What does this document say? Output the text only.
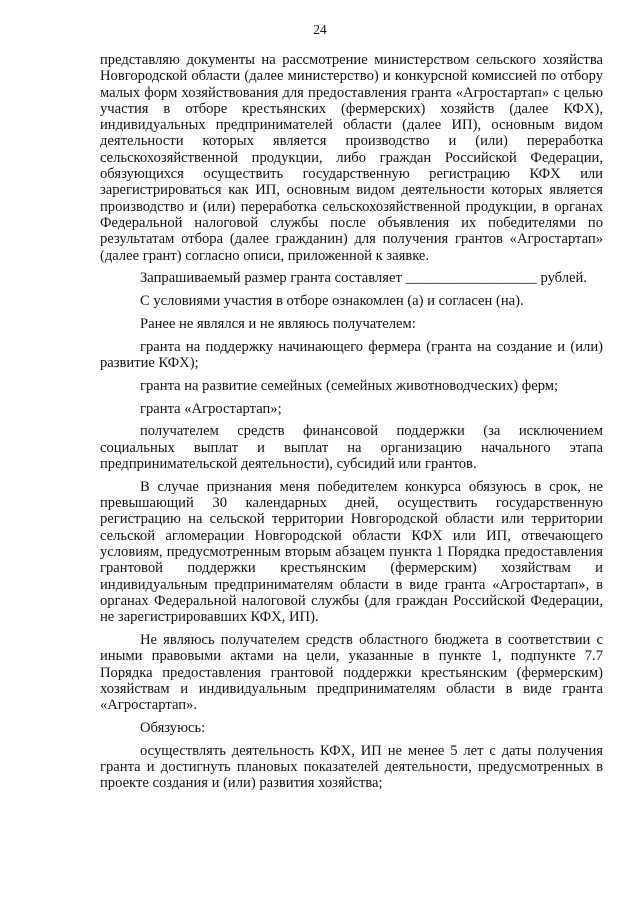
24

представляю документы на рассмотрение министерством сельского хозяйства Новгородской области (далее министерство) и конкурсной комиссией по отбору малых форм хозяйствования для предоставления гранта «Агростартап» с целью участия в отборе крестьянских (фермерских) хозяйств (далее КФХ), индивидуальных предпринимателей области (далее ИП), основным видом деятельности которых является производство и (или) переработка сельскохозяйственной продукции, либо граждан Российской Федерации, обязующихся осуществить государственную регистрацию КФХ или зарегистрироваться как ИП, основным видом деятельности которых является производство и (или) переработка сельскохозяйственной продукции, в органах Федеральной налоговой службы после объявления их победителями по результатам отбора (далее гражданин) для получения грантов «Агростартап» (далее грант) согласно описи, приложенной к заявке.

Запрашиваемый размер гранта составляет __________________ рублей.

С условиями участия в отборе ознакомлен (а) и согласен (на).

Ранее не являлся и не являюсь получателем:

гранта на поддержку начинающего фермера (гранта на создание и (или) развитие КФХ);

гранта на развитие семейных (семейных животноводческих) ферм;

гранта «Агростартап»;

получателем средств финансовой поддержки (за исключением социальных выплат и выплат на организацию начального этапа предпринимательской деятельности), субсидий или грантов.

В случае признания меня победителем конкурса обязуюсь в срок, не превышающий 30 календарных дней, осуществить государственную регистрацию на сельской территории Новгородской области или территории сельской агломерации Новгородской области КФХ или ИП, отвечающего условиям, предусмотренным вторым абзацем пункта 1 Порядка предоставления грантовой поддержки крестьянским (фермерским) хозяйствам и индивидуальным предпринимателям области в виде гранта «Агростартап», в органах Федеральной налоговой службы (для граждан Российской Федерации, не зарегистрировавших КФХ, ИП).

Не являюсь получателем средств областного бюджета в соответствии с иными правовыми актами на цели, указанные в пункте 1, подпункте 7.7 Порядка предоставления грантовой поддержки крестьянским (фермерским) хозяйствам и индивидуальным предпринимателям области в виде гранта «Агростартап».

Обязуюсь:

осуществлять деятельность КФХ, ИП не менее 5 лет с даты получения гранта и достигнуть плановых показателей деятельности, предусмотренных в проекте создания и (или) развития хозяйства;
